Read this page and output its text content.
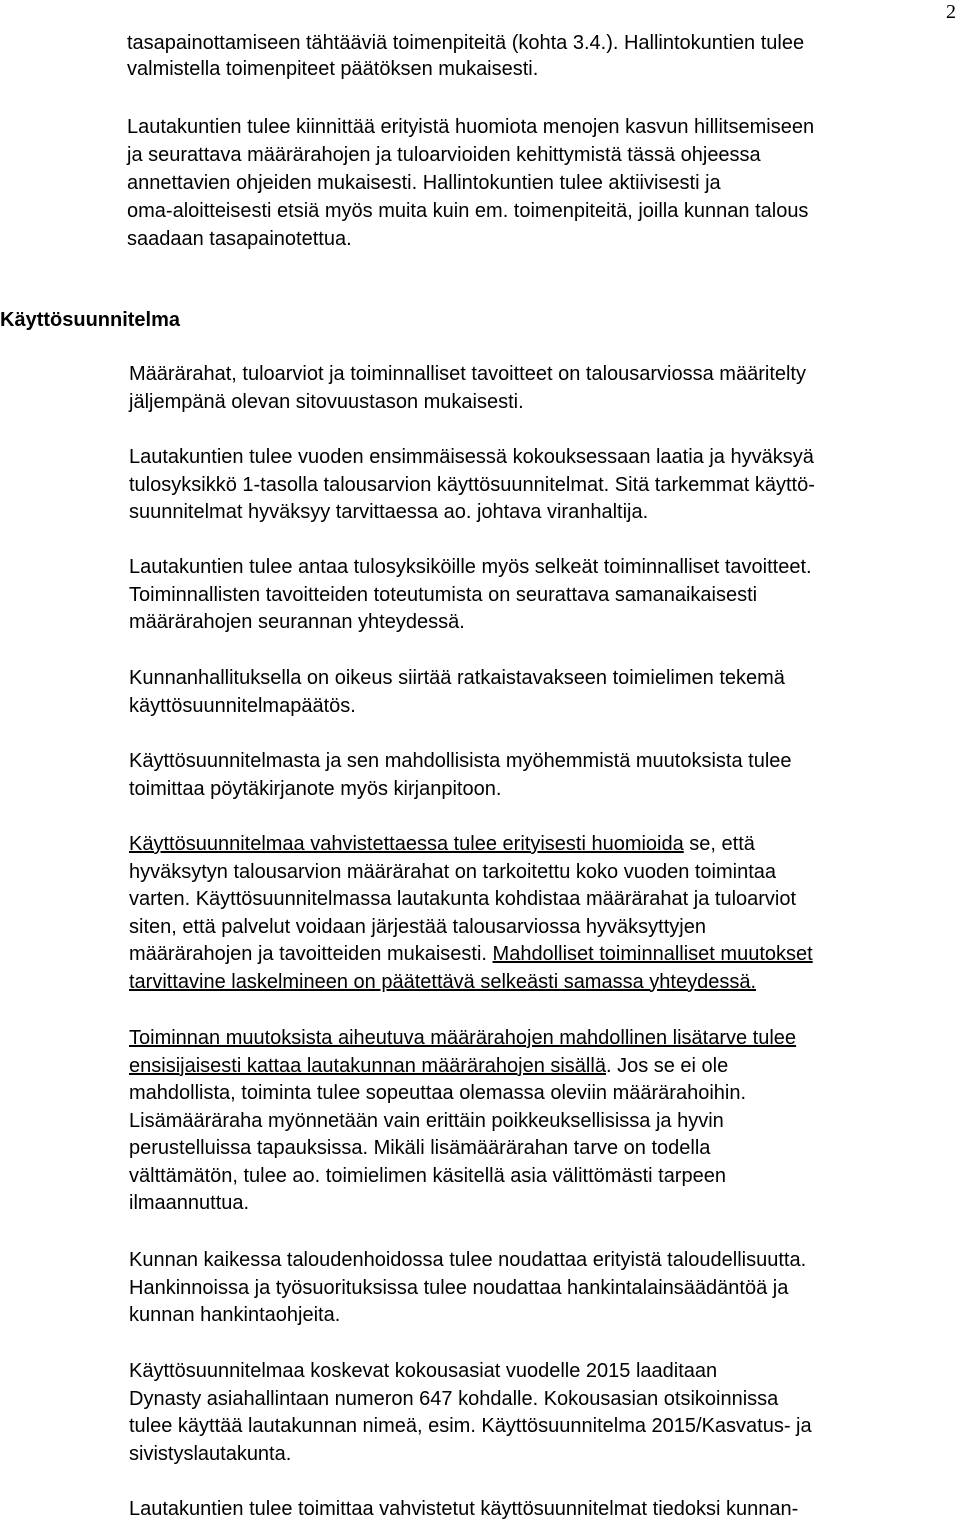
2
tasapainottamiseen tähtääviä toimenpiteitä (kohta 3.4.). Hallintokuntien tulee
valmistella toimenpiteet päätöksen mukaisesti.
Lautakuntien tulee kiinnittää erityistä huomiota menojen kasvun hillitsemiseen
ja seurattava määrärahojen ja tuloarvioiden kehittymistä tässä ohjeessa
annettavien ohjeiden mukaisesti. Hallintokuntien tulee aktiivisesti ja
oma-aloitteisesti etsiä myös muita kuin em. toimenpiteitä, joilla kunnan talous
saadaan tasapainotettua.
Käyttösuunnitelma
Määrärahat, tuloarviot ja toiminnalliset tavoitteet on talousarviossa määritelty
jäljempänä olevan sitovuustason mukaisesti.
Lautakuntien tulee vuoden ensimmäisessä kokouksessaan laatia ja hyväksyä
tulosyksikkö 1-tasolla talousarvion käyttösuunnitelmat. Sitä tarkemmat käyttö-
suunnitelmat hyväksyy tarvittaessa ao. johtava viranhaltija.
Lautakuntien tulee antaa tulosyksiköille myös selkeät toiminnalliset tavoitteet.
Toiminnallisten tavoitteiden toteutumista on seurattava samanaikaisesti
määrärahojen seurannan yhteydessä.
Kunnanhallituksella on oikeus siirtää ratkaistavakseen toimielimen tekemä
käyttösuunnitelmapäätös.
Käyttösuunnitelmasta ja sen mahdollisista myöhemmistä muutoksista tulee
toimittaa pöytäkirjanote myös kirjanpitoon.
Käyttösuunnitelmaa vahvistettaessa tulee erityisesti huomioida se, että
hyväksytyn talousarvion määrärahat on tarkoitettu koko vuoden toimintaa
varten. Käyttösuunnitelmassa lautakunta kohdistaa määrärahat ja tuloarviot
siten, että palvelut voidaan järjestää talousarviossa hyväksyttyjen
määrärahojen ja tavoitteiden mukaisesti. Mahdolliset toiminnalliset muutokset
tarvittavine laskelmineen on päätettävä selkeästi samassa yhteydessä.
Toiminnan muutoksista aiheutuva määrärahojen mahdollinen lisätarve tulee
ensisijaisesti kattaa lautakunnan määrärahojen sisällä. Jos se ei ole
mahdollista, toiminta tulee sopeuttaa olemassa oleviin määrärahoihin.
Lisämääräraha myönnetään vain erittäin poikkeuksellisissa ja hyvin
perustelluissa tapauksissa. Mikäli lisämäärärahan tarve on todella
välttämätön, tulee ao. toimielimen käsitellä asia välittömästi tarpeen
ilmaannuttua.
Kunnan kaikessa taloudenhoidossa tulee noudattaa erityistä taloudellisuutta.
Hankinnoissa ja työsuorituksissa tulee noudattaa hankintalainsäädäntöä ja
kunnan hankintaohjeita.
Käyttösuunnitelmaa koskevat kokousasiat vuodelle 2015 laaditaan
Dynasty asiahallintaan numeron 647 kohdalle. Kokousasian otsikoinnissa
tulee käyttää lautakunnan nimeä, esim. Käyttösuunnitelma 2015/Kasvatus- ja
sivistyslautakunta.
Lautakuntien tulee toimittaa vahvistetut käyttösuunnitelmat tiedoksi kunnan-
